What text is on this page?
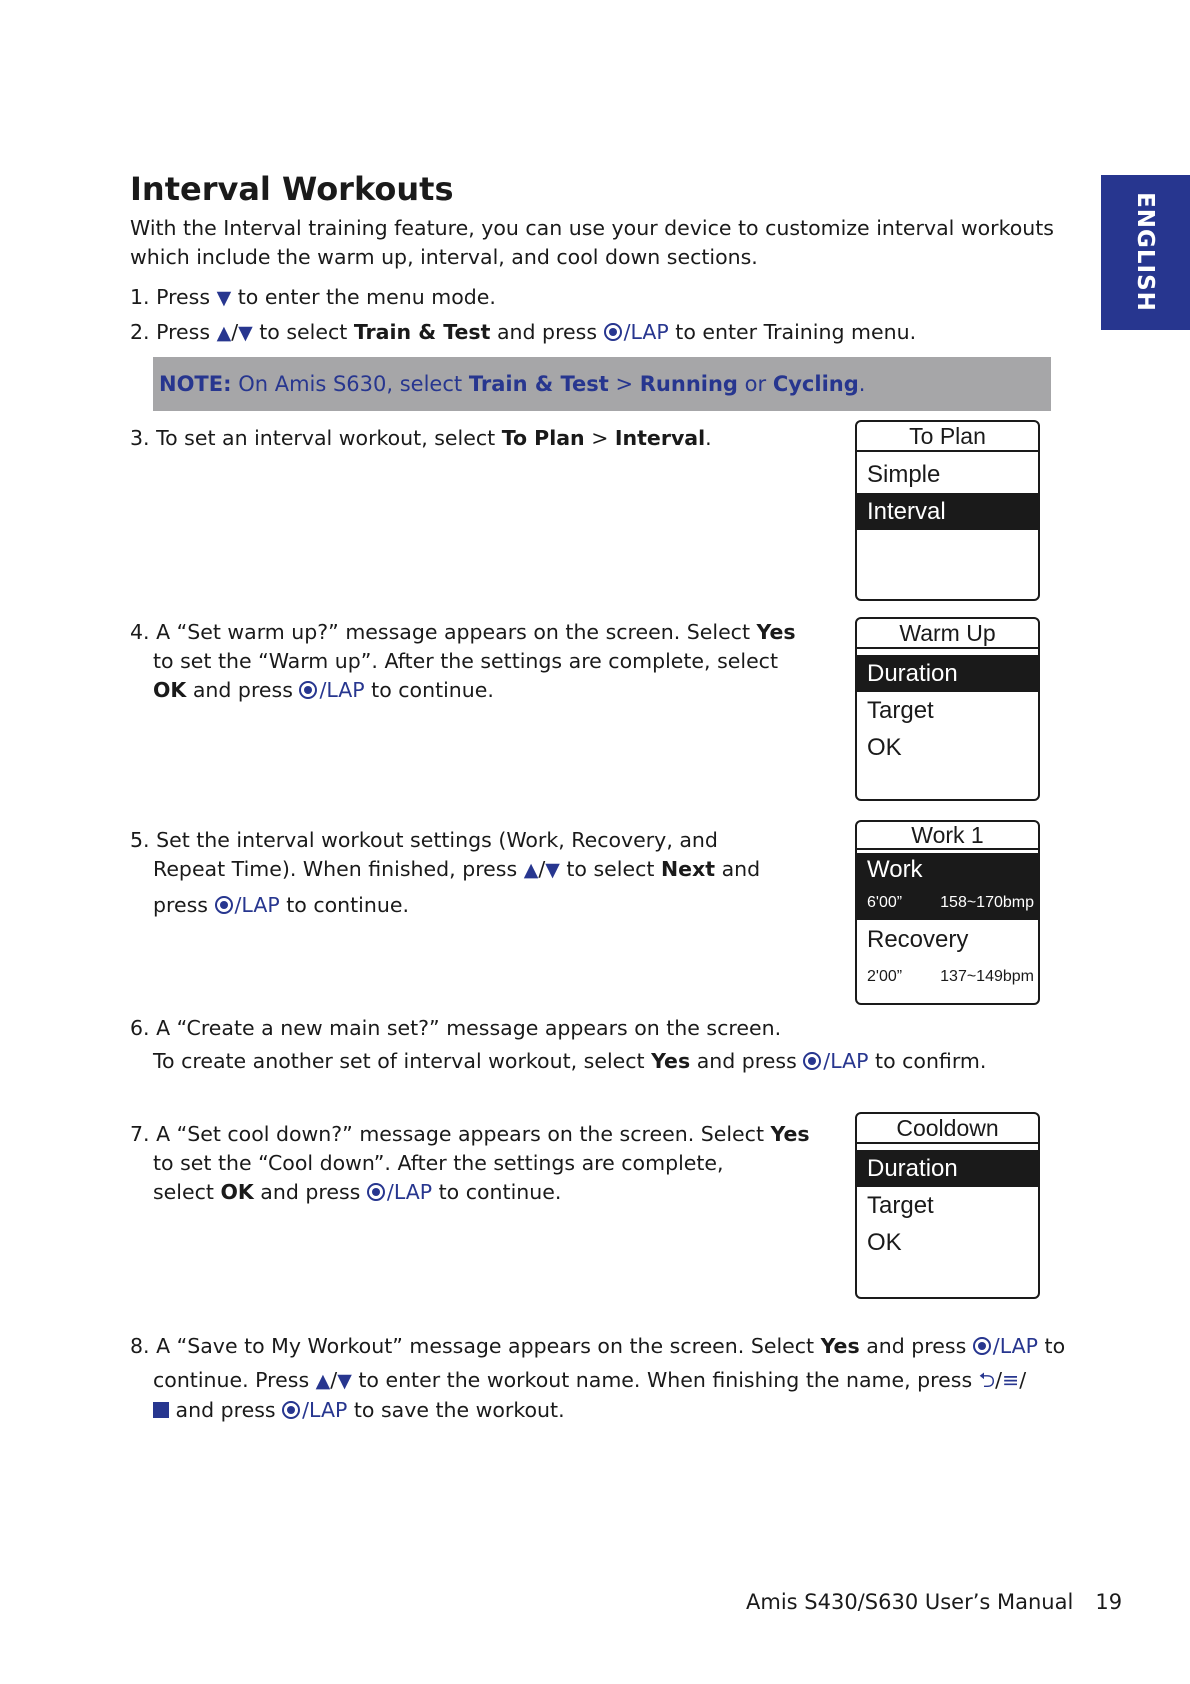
ENGLISH
Interval Workouts
With the Interval training feature, you can use your device to customize interval workouts which include the warm up, interval, and cool down sections.
1. Press ▼ to enter the menu mode.
2. Press ▲/▼ to select Train & Test and press /LAP to enter Training menu.
NOTE: On Amis S630, select Train & Test > Running or Cycling.
3. To set an interval workout, select To Plan > Interval.	To Plan
Simple
Interval
4. A “Set warm up?” message appears on the screen. Select Yes
to set the “Warm up”. After the settings are complete, select
OK and press /LAP to continue.
Warm Up
Duration
Target
OK
5. Set the interval workout settings (Work, Recovery, and
Repeat Time). When finished, press ▲/▼ to select Next and
press /LAP to continue.
Work 1
Work
6'00” 158~170bmp
Recovery
2'00” 137~149bpm
6. A “Create a new main set?” message appears on the screen.
To create another set of interval workout, select Yes and press /LAP to confirm.
7. A “Set cool down?” message appears on the screen. Select Yes
to set the “Cool down”. After the settings are complete,
select OK and press /LAP to continue.
Cooldown
Duration
Target
OK
8. A “Save to My Workout” message appears on the screen. Select Yes and press /LAP to
continue. Press ▲/▼ to enter the workout name. When finishing the name, press ⮌/≡/
and press /LAP to save the workout.
Amis S430/S630 User’s Manual 19
